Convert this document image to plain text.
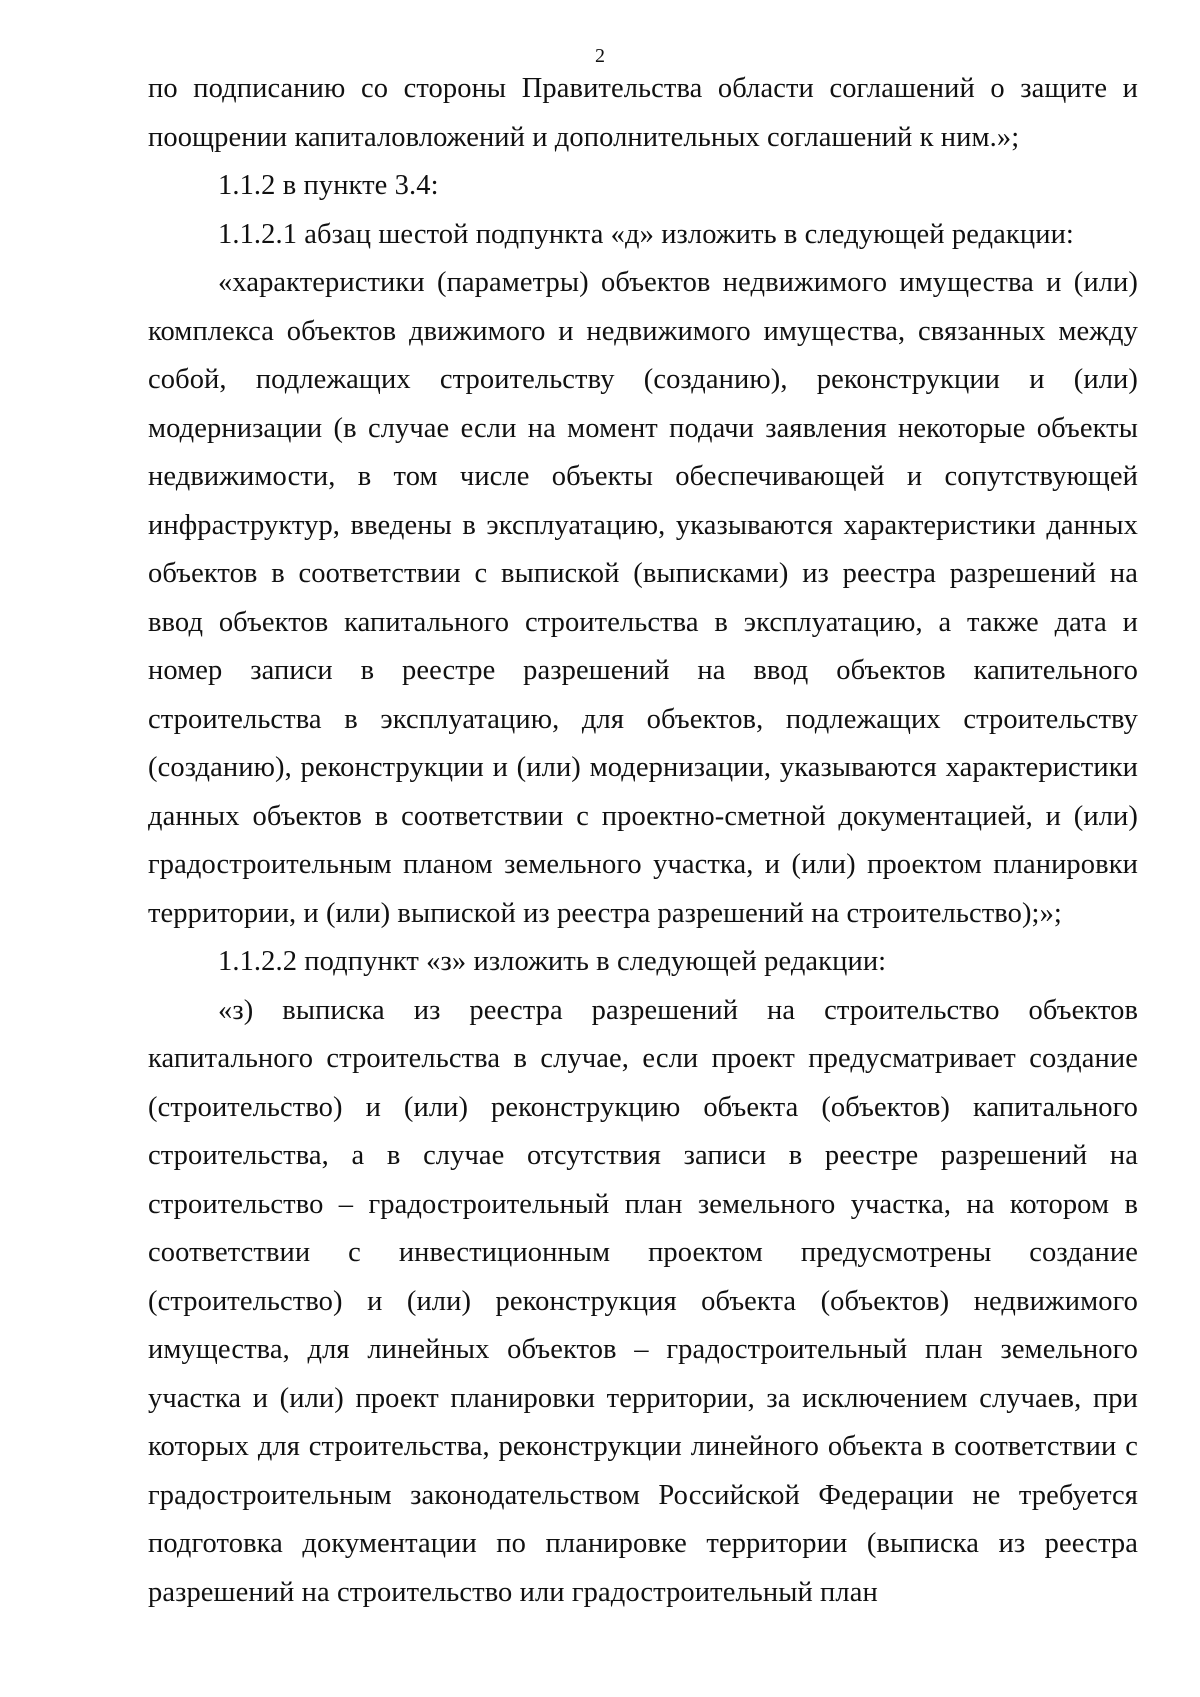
2

по подписанию со стороны Правительства области соглашений о защите и поощрении капиталовложений и дополнительных соглашений к ним.»;

1.1.2 в пункте 3.4:

1.1.2.1 абзац шестой подпункта «д» изложить в следующей редакции:

«характеристики (параметры) объектов недвижимого имущества и (или) комплекса объектов движимого и недвижимого имущества, связанных между собой, подлежащих строительству (созданию), реконструкции и (или) модернизации (в случае если на момент подачи заявления некоторые объекты недвижимости, в том числе объекты обеспечивающей и сопутствующей инфраструктур, введены в эксплуатацию, указываются характеристики данных объектов в соответствии с выпиской (выписками) из реестра разрешений на ввод объектов капитального строительства в эксплуатацию, а также дата и номер записи в реестре разрешений на ввод объектов капительного строительства в эксплуатацию, для объектов, подлежащих строительству (созданию), реконструкции и (или) модернизации, указываются характеристики данных объектов в соответствии с проектно-сметной документацией, и (или) градостроительным планом земельного участка, и (или) проектом планировки территории, и (или) выпиской из реестра разрешений на строительство);»;

1.1.2.2 подпункт «з» изложить в следующей редакции:

«з) выписка из реестра разрешений на строительство объектов капитального строительства в случае, если проект предусматривает создание (строительство) и (или) реконструкцию объекта (объектов) капитального строительства, а в случае отсутствия записи в реестре разрешений на строительство – градостроительный план земельного участка, на котором в соответствии с инвестиционным проектом предусмотрены создание (строительство) и (или) реконструкция объекта (объектов) недвижимого имущества, для линейных объектов – градостроительный план земельного участка и (или) проект планировки территории, за исключением случаев, при которых для строительства, реконструкции линейного объекта в соответствии с градостроительным законодательством Российской Федерации не требуется подготовка документации по планировке территории (выписка из реестра разрешений на строительство или градостроительный план
